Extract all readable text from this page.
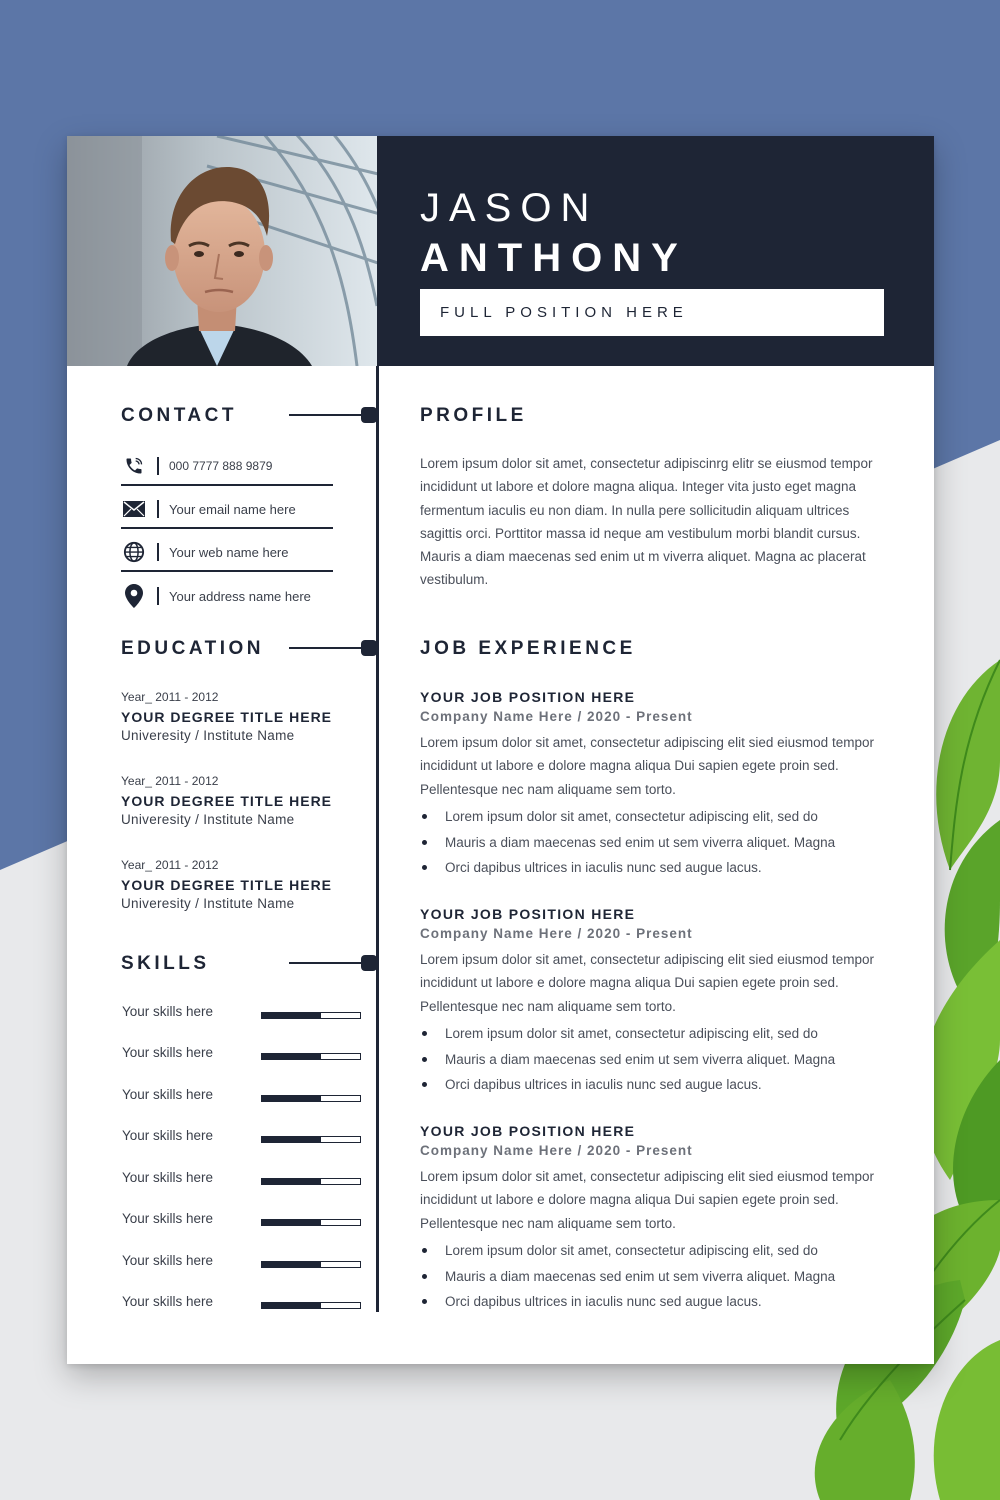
JASON
ANTHONY
FULL POSITION HERE
CONTACT
000 7777 888 9879
Your email name here
Your web name here
Your address name here
EDUCATION
Year_ 2011 - 2012
YOUR DEGREE TITLE HERE
Univeresity / Institute Name
Year_ 2011 - 2012
YOUR DEGREE TITLE HERE
Univeresity / Institute Name
Year_ 2011 - 2012
YOUR DEGREE TITLE HERE
Univeresity / Institute Name
SKILLS
Your skills here
Your skills here
Your skills here
Your skills here
Your skills here
Your skills here
Your skills here
Your skills here
PROFILE
Lorem ipsum dolor sit amet, consectetur adipiscinrg elitr se eiusmod tempor incididunt ut labore et dolore magna aliqua. Integer vita justo eget magna fermentum iaculis eu non diam. In nulla pere sollicitudin aliquam ultrices sagittis orci. Porttitor massa id neque am vestibulum morbi blandit cursus. Mauris a diam maecenas sed enim ut m viverra aliquet. Magna ac placerat vestibulum.
JOB EXPERIENCE
YOUR JOB POSITION HERE
Company Name Here / 2020 - Present
Lorem ipsum dolor sit amet, consectetur adipiscing elit sied eiusmod tempor incididunt ut labore e dolore magna aliqua Dui sapien egete proin sed. Pellentesque nec nam aliquame sem torto.
Lorem ipsum dolor sit amet, consectetur adipiscing elit, sed do
Mauris a diam maecenas sed enim ut sem viverra aliquet. Magna
Orci dapibus ultrices in iaculis nunc sed augue lacus.
YOUR JOB POSITION HERE
Company Name Here / 2020 - Present
Lorem ipsum dolor sit amet, consectetur adipiscing elit sied eiusmod tempor incididunt ut labore e dolore magna aliqua Dui sapien egete proin sed. Pellentesque nec nam aliquame sem torto.
Lorem ipsum dolor sit amet, consectetur adipiscing elit, sed do
Mauris a diam maecenas sed enim ut sem viverra aliquet. Magna
Orci dapibus ultrices in iaculis nunc sed augue lacus.
YOUR JOB POSITION HERE
Company Name Here / 2020 - Present
Lorem ipsum dolor sit amet, consectetur adipiscing elit sied eiusmod tempor incididunt ut labore e dolore magna aliqua Dui sapien egete proin sed. Pellentesque nec nam aliquame sem torto.
Lorem ipsum dolor sit amet, consectetur adipiscing elit, sed do
Mauris a diam maecenas sed enim ut sem viverra aliquet. Magna
Orci dapibus ultrices in iaculis nunc sed augue lacus.
